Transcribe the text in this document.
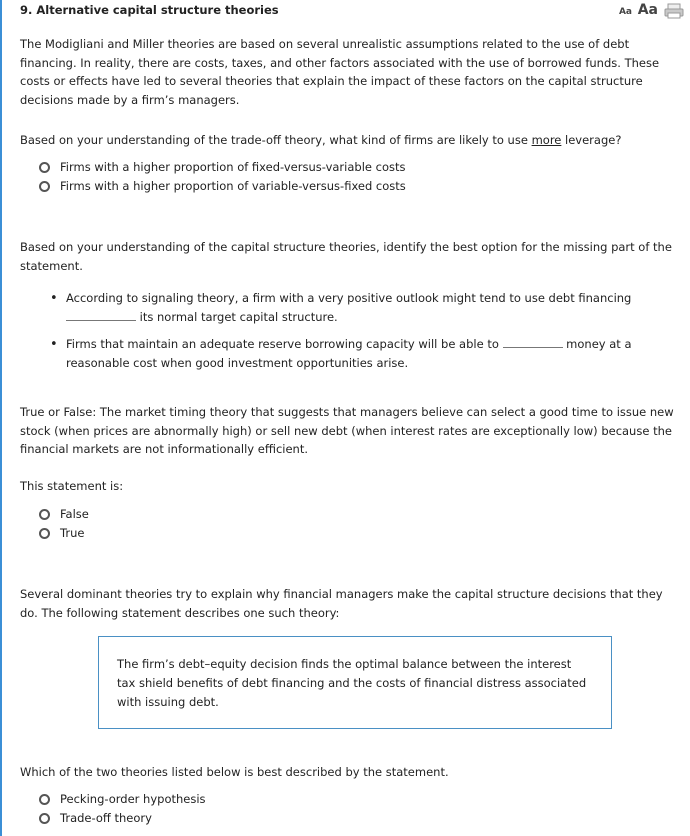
9. Alternative capital structure theories	Aa Aa

The Modigliani and Miller theories are based on several unrealistic assumptions related to the use of debt financing. In reality, there are costs, taxes, and other factors associated with the use of borrowed funds. These costs or effects have led to several theories that explain the impact of these factors on the capital structure decisions made by a firm’s managers.

Based on your understanding of the trade-off theory, what kind of firms are likely to use more leverage?

Firms with a higher proportion of fixed-versus-variable costs
Firms with a higher proportion of variable-versus-fixed costs

Based on your understanding of the capital structure theories, identify the best option for the missing part of the statement.

• According to signaling theory, a firm with a very positive outlook might tend to use debt financing
its normal target capital structure.
• Firms that maintain an adequate reserve borrowing capacity will be able to	money at a reasonable cost when good investment opportunities arise.

True or False: The market timing theory that suggests that managers believe can select a good time to issue new stock (when prices are abnormally high) or sell new debt (when interest rates are exceptionally low) because the financial markets are not informationally efficient.

This statement is:

False
True

Several dominant theories try to explain why financial managers make the capital structure decisions that they do. The following statement describes one such theory:

The firm’s debt–equity decision finds the optimal balance between the interest tax shield benefits of debt financing and the costs of financial distress associated with issuing debt.

Which of the two theories listed below is best described by the statement.

Pecking-order hypothesis
Trade-off theory
